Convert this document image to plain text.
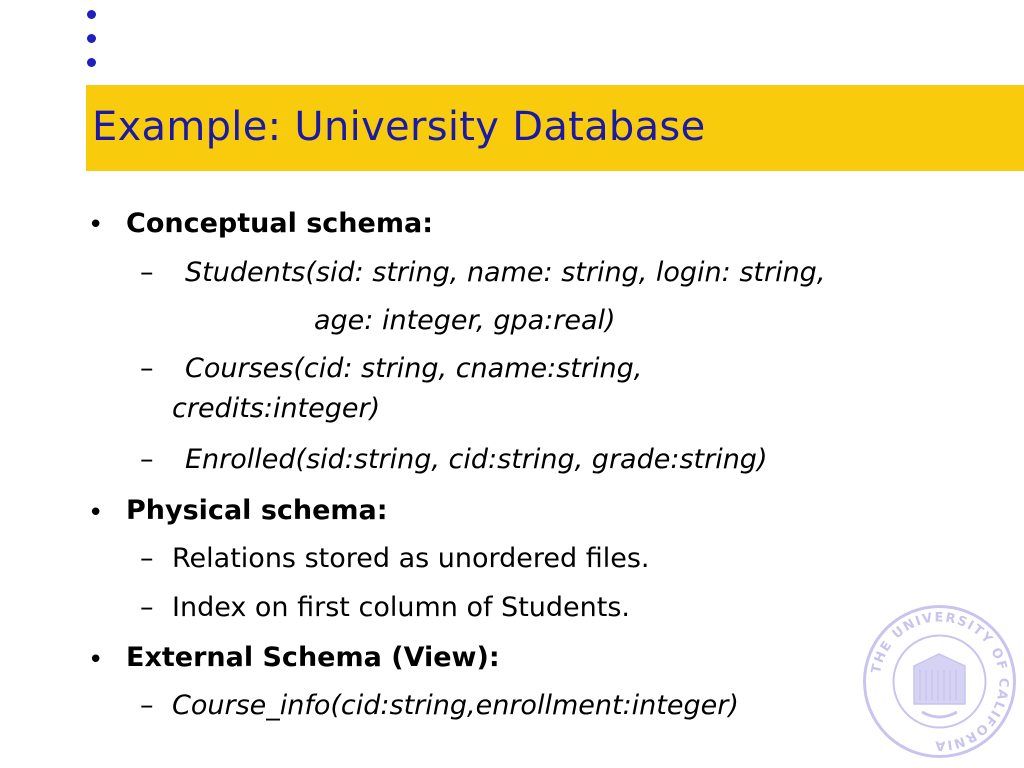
Example: University Database
• Conceptual schema:
– Students(sid: string, name: string, login: string,
age: integer, gpa:real)
– Courses(cid: string, cname:string,
credits:integer)
– Enrolled(sid:string, cid:string, grade:string)
• Physical schema:
– Relations stored as unordered files.
– Index on first column of Students.
• External Schema (View):
– Course_info(cid:string,enrollment:integer)
THE UNIVERSITY OF CALIFORNIA
